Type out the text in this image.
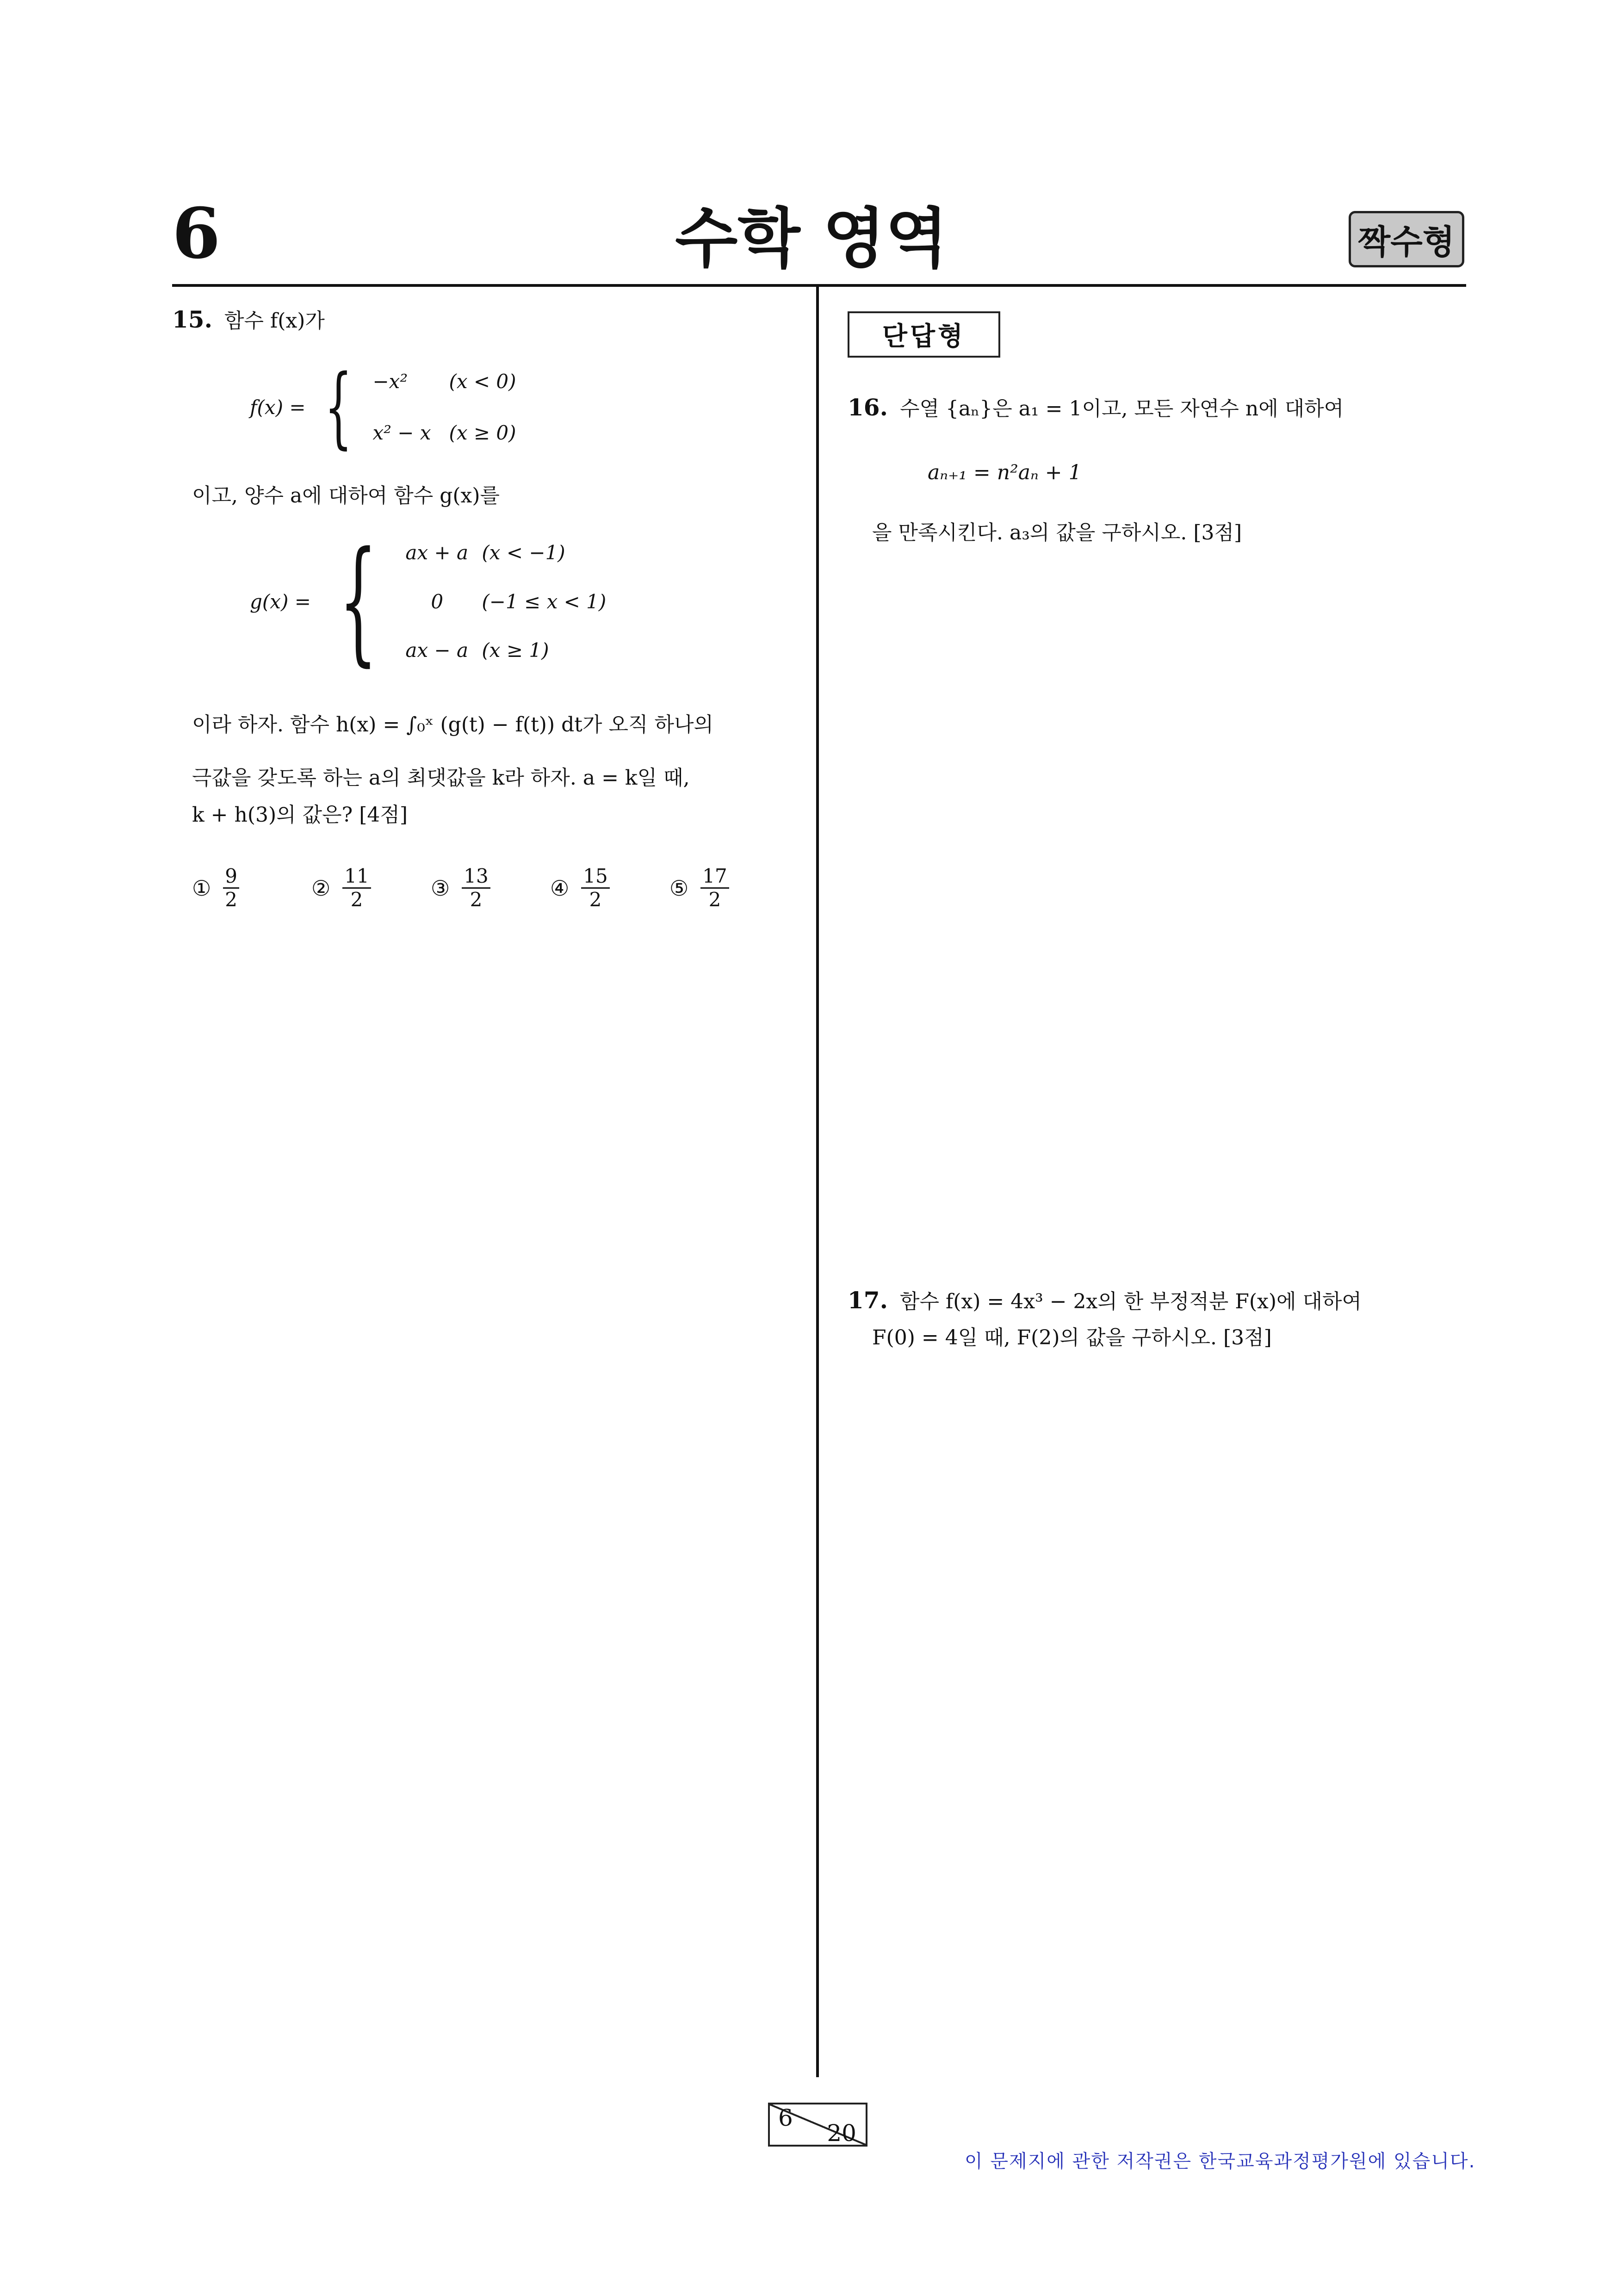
6	수학 영역	짝수형
15. 함수 f(x)가
f(x) = { −x²	(x < 0)
x² − x (x ≥ 0)
이고, 양수 a에 대하여 함수 g(x)를
g(x) = { ax + a (x < −1)
0	(−1 ≤ x < 1)
ax − a (x ≥ 1)
이라 하자. 함수 h(x) = ∫₀ˣ (g(t) − f(t)) dt가 오직 하나의
극값을 갖도록 하는 a의 최댓값을 k라 하자. a = k일 때,
k + h(3)의 값은? [4점]
① $\frac{9}{2}$	② $\frac{11}{2}$	③ $\frac{13}{2}$	④ $\frac{15}{2}$	⑤ $\frac{17}{2}$
단답형
16. 수열 {aₙ}은 a₁ = 1이고, 모든 자연수 n에 대하여
aₙ₊₁ = n²aₙ + 1
을 만족시킨다. a₃의 값을 구하시오. [3점]
17. 함수 f(x) = 4x³ − 2x의 한 부정적분 F(x)에 대하여
F(0) = 4일 때, F(2)의 값을 구하시오. [3점]
6
20
이 문제지에 관한 저작권은 한국교육과정평가원에 있습니다.
